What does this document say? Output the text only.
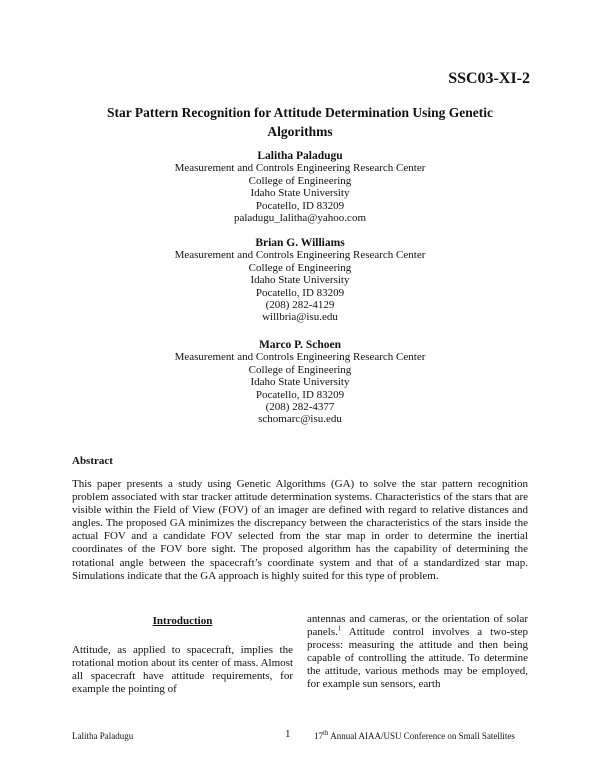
SSC03-XI-2
Star Pattern Recognition for Attitude Determination Using Genetic Algorithms
Lalitha Paladugu
Measurement and Controls Engineering Research Center
College of Engineering
Idaho State University
Pocatello, ID 83209
paladugu_lalitha@yahoo.com
Brian G. Williams
Measurement and Controls Engineering Research Center
College of Engineering
Idaho State University
Pocatello, ID 83209
(208) 282-4129
willbria@isu.edu
Marco P. Schoen
Measurement and Controls Engineering Research Center
College of Engineering
Idaho State University
Pocatello, ID 83209
(208) 282-4377
schomarc@isu.edu
Abstract

This paper presents a study using Genetic Algorithms (GA) to solve the star pattern recognition problem associated with star tracker attitude determination systems. Characteristics of the stars that are visible within the Field of View (FOV) of an imager are defined with regard to relative distances and angles. The proposed GA minimizes the discrepancy between the characteristics of the stars inside the actual FOV and a candidate FOV selected from the star map in order to determine the inertial coordinates of the FOV bore sight. The proposed algorithm has the capability of determining the rotational angle between the spacecraft’s coordinate system and that of a standardized star map. Simulations indicate that the GA approach is highly suited for this type of problem.

Introduction

Attitude, as applied to spacecraft, implies the rotational motion about its center of mass. Almost all spacecraft have attitude requirements, for example the pointing of

antennas and cameras, or the orientation of solar panels.$^1$ Attitude control involves a two-step process: measuring the attitude and then being capable of controlling the attitude. To determine the attitude, various methods may be employed, for example sun sensors, earth

Lalitha Paladugu	1	17th Annual AIAA/USU Conference on Small Satellites
